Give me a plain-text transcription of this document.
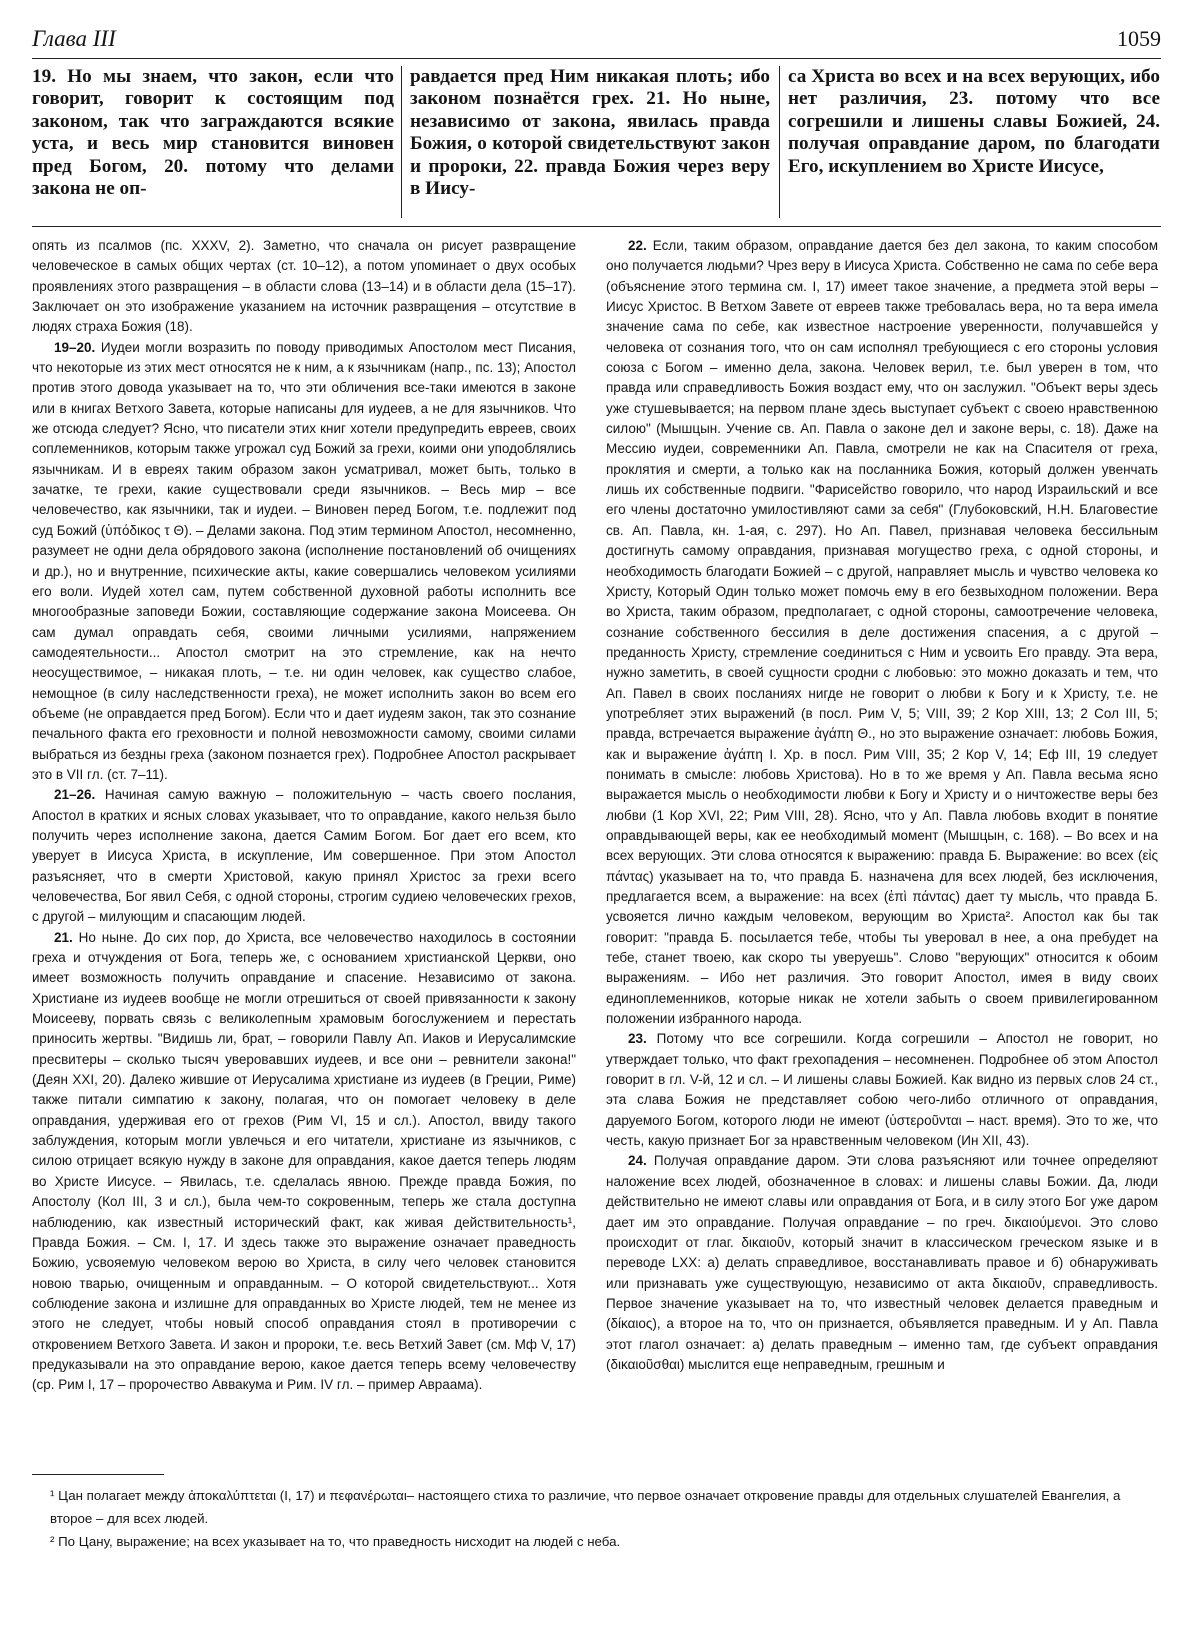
Глава III	1059

19. Но мы знаем, что закон, если что говорит, говорит к состоящим под законом, так что заграждаются всякие уста, и весь мир становится виновен пред Богом, 20. потому что делами закона не оп-

равдается пред Ним никакая плоть; ибо законом познаётся грех. 21. Но ныне, независимо от закона, явилась правда Божия, о которой свидетельствуют закон и пророки, 22. правда Божия через веру в Иису-

са Христа во всех и на всех верующих, ибо нет различия, 23. потому что все согрешили и лишены славы Божией, 24. получая оправдание даром, по благодати Его, искуплением во Христе Иисусе,

опять из псалмов (пс. XXXV, 2). Заметно, что сначала он рисует развращение человеческое в самых общих чертах (ст. 10–12), а потом упоминает о двух особых проявлениях этого развращения – в области слова (13–14) и в области дела (15–17). Заключает он это изображение указанием на источник развращения – отсутствие в людях страха Божия (18).

19–20. Иудеи могли возразить по поводу приводимых Апостолом мест Писания, что некоторые из этих мест относятся не к ним, а к язычникам (напр., пс. 13); Апостол против этого довода указывает на то, что эти обличения все-таки имеются в законе или в книгах Ветхого Завета, которые написаны для иудеев, а не для язычников. Что же отсюда следует? Ясно, что писатели этих книг хотели предупредить евреев, своих соплеменников, которым также угрожал суд Божий за грехи, коими они уподоблялись язычникам. И в евреях таким образом закон усматривал, может быть, только в зачатке, те грехи, какие существовали среди язычников. – Весь мир – все человечество, как язычники, так и иудеи. – Виновен перед Богом, т.е. подлежит под суд Божий (ὑπόδικος τ Θ). – Делами закона. Под этим термином Апостол, несомненно, разумеет не одни дела обрядового закона (исполнение постановлений об очищениях и др.), но и внутренние, психические акты, какие совершались человеком усилиями его воли. Иудей хотел сам, путем собственной духовной работы исполнить все многообразные заповеди Божии, составляющие содержание закона Моисеева. Он сам думал оправдать себя, своими личными усилиями, напряжением самодеятельности... Апостол смотрит на это стремление, как на нечто неосуществимое, – никакая плоть, – т.е. ни один человек, как существо слабое, немощное (в силу наследственности греха), не может исполнить закон во всем его объеме (не оправдается пред Богом). Если что и дает иудеям закон, так это сознание печального факта его греховности и полной невозможности самому, своими силами выбраться из бездны греха (законом познается грех). Подробнее Апостол раскрывает это в VII гл. (ст. 7–11).

21–26. Начиная самую важную – положительную – часть своего послания, Апостол в кратких и ясных словах указывает, что то оправдание, какого нельзя было получить через исполнение закона, дается Самим Богом. Бог дает его всем, кто уверует в Иисуса Христа, в искупление, Им совершенное. При этом Апостол разъясняет, что в смерти Христовой, какую принял Христос за грехи всего человечества, Бог явил Себя, с одной стороны, строгим судиею человеческих грехов, с другой – милующим и спасающим людей.

21. Но ныне. До сих пор, до Христа, все человечество находилось в состоянии греха и отчуждения от Бога, теперь же, с основанием христианской Церкви, оно имеет возможность получить оправдание и спасение. Независимо от закона. Христиане из иудеев вообще не могли отрешиться от своей привязанности к закону Моисееву, порвать связь с великолепным храмовым богослужением и перестать приносить жертвы. "Видишь ли, брат, – говорили Павлу Ап. Иаков и Иерусалимские пресвитеры – сколько тысяч уверовавших иудеев, и все они – ревнители закона!" (Деян XXI, 20). Далеко жившие от Иерусалима христиане из иудеев (в Греции, Риме) также питали симпатию к закону, полагая, что он помогает человеку в деле оправдания, удерживая его от грехов (Рим VI, 15 и сл.). Апостол, ввиду такого заблуждения, которым могли увлечься и его читатели, христиане из язычников, с силою отрицает всякую нужду в законе для оправдания, какое дается теперь людям во Христе Иисусе. – Явилась, т.е. сделалась явною. Прежде правда Божия, по Апостолу (Кол III, 3 и сл.), была чем-то сокровенным, теперь же стала доступна наблюдению, как известный исторический факт, как живая действительность¹, Правда Божия. – См. I, 17. И здесь также это выражение означает праведность Божию, усвояемую человеком верою во Христа, в силу чего человек становится новою тварью, очищенным и оправданным. – О которой свидетельствуют... Хотя соблюдение закона и излишне для оправданных во Христе людей, тем не менее из этого не следует, чтобы новый способ оправдания стоял в противоречии с откровением Ветхого Завета. И закон и пророки, т.е. весь Ветхий Завет (см. Мф V, 17) предуказывали на это оправдание верою, какое дается теперь всему человечеству (ср. Рим I, 17 – пророчество Аввакума и Рим. IV гл. – пример Авраама).

22. Если, таким образом, оправдание дается без дел закона, то каким способом оно получается людьми? Чрез веру в Иисуса Христа. Собственно не сама по себе вера (объяснение этого термина см. I, 17) имеет такое значение, а предмета этой веры – Иисус Христос. В Ветхом Завете от евреев также требовалась вера, но та вера имела значение сама по себе, как известное настроение уверенности, получавшейся у человека от сознания того, что он сам исполнял требующиеся с его стороны условия союза с Богом – именно дела, закона. Человек верил, т.е. был уверен в том, что правда или справедливость Божия воздаст ему, что он заслужил. "Объект веры здесь уже стушевывается; на первом плане здесь выступает субъект с своею нравственною силою" (Мышцын. Учение св. Ап. Павла о законе дел и законе веры, с. 18). Даже на Мессию иудеи, современники Ап. Павла, смотрели не как на Спасителя от греха, проклятия и смерти, а только как на посланника Божия, который должен увенчать лишь их собственные подвиги. "Фарисейство говорило, что народ Израильский и все его члены достаточно умилостивляют сами за себя" (Глубоковский, Н.Н. Благовестие св. Ап. Павла, кн. 1-ая, с. 297). Но Ап. Павел, признавая человека бессильным достигнуть самому оправдания, признавая могущество греха, с одной стороны, и необходимость благодати Божией – с другой, направляет мысль и чувство человека ко Христу, Который Один только может помочь ему в его безвыходном положении. Вера во Христа, таким образом, предполагает, с одной стороны, самоотречение человека, сознание собственного бессилия в деле достижения спасения, а с другой – преданность Христу, стремление соединиться с Ним и усвоить Его правду. Эта вера, нужно заметить, в своей сущности сродни с любовью: это можно доказать и тем, что Ап. Павел в своих посланиях нигде не говорит о любви к Богу и к Христу, т.е. не употребляет этих выражений (в посл. Рим V, 5; VIII, 39; 2 Кор XIII, 13; 2 Сол III, 5; правда, встречается выражение ἀγάπη Θ., но это выражение означает: любовь Божия, как и выражение ἀγάπη I. Хр. в посл. Рим VIII, 35; 2 Кор V, 14; Еф III, 19 следует понимать в смысле: любовь Христова). Но в то же время у Ап. Павла весьма ясно выражается мысль о необходимости любви к Богу и Христу и о ничтожестве веры без любви (1 Кор XVI, 22; Рим VIII, 28). Ясно, что у Ап. Павла любовь входит в понятие оправдывающей веры, как ее необходимый момент (Мышцын, с. 168). – Во всех и на всех верующих. Эти слова относятся к выражению: правда Б. Выражение: во всех (εἰς πάντας) указывает на то, что правда Б. назначена для всех людей, без исключения, предлагается всем, а выражение: на всех (ἐπὶ πάντας) дает ту мысль, что правда Б. усвояется лично каждым человеком, верующим во Христа². Апостол как бы так говорит: "правда Б. посылается тебе, чтобы ты уверовал в нее, а она пребудет на тебе, станет твоею, как скоро ты уверуешь". Слово "верующих" относится к обоим выражениям. – Ибо нет различия. Это говорит Апостол, имея в виду своих единоплеменников, которые никак не хотели забыть о своем привилегированном положении избранного народа.

23. Потому что все согрешили. Когда согрешили – Апостол не говорит, но утверждает только, что факт грехопадения – несомненен. Подробнее об этом Апостол говорит в гл. V-й, 12 и сл. – И лишены славы Божией. Как видно из первых слов 24 ст., эта слава Божия не представляет собою чего-либо отличного от оправдания, даруемого Богом, которого люди не имеют (ὑστεροῦνται – наст. время). Это то же, что честь, какую признает Бог за нравственным человеком (Ин XII, 43).

24. Получая оправдание даром. Эти слова разъясняют или точнее определяют наложение всех людей, обозначенное в словах: и лишены славы Божии. Да, люди действительно не имеют славы или оправдания от Бога, и в силу этого Бог уже даром дает им это оправдание. Получая оправдание – по греч. δικαιούμενοι. Это слово происходит от глаг. δικαιοῦν, который значит в классическом греческом языке и в переводе LXX: а) делать справедливое, восстанавливать правое и б) обнаруживать или признавать уже существующую, независимо от акта δικαιοῦν, справедливость. Первое значение указывает на то, что известный человек делается праведным и (δίκαιος), а второе на то, что он признается, объявляется праведным. И у Ап. Павла этот глагол означает: а) делать праведным – именно там, где субъект оправдания (δικαιοῦσθαι) мыслится еще неправедным, грешным и

¹ Цан полагает между ἀποκαλύπτεται (I, 17) и πεφανέρωται– настоящего стиха то различие, что первое означает откровение правды для отдельных слушателей Евангелия, а второе – для всех людей.

² По Цану, выражение; на всех указывает на то, что праведность нисходит на людей с неба.
